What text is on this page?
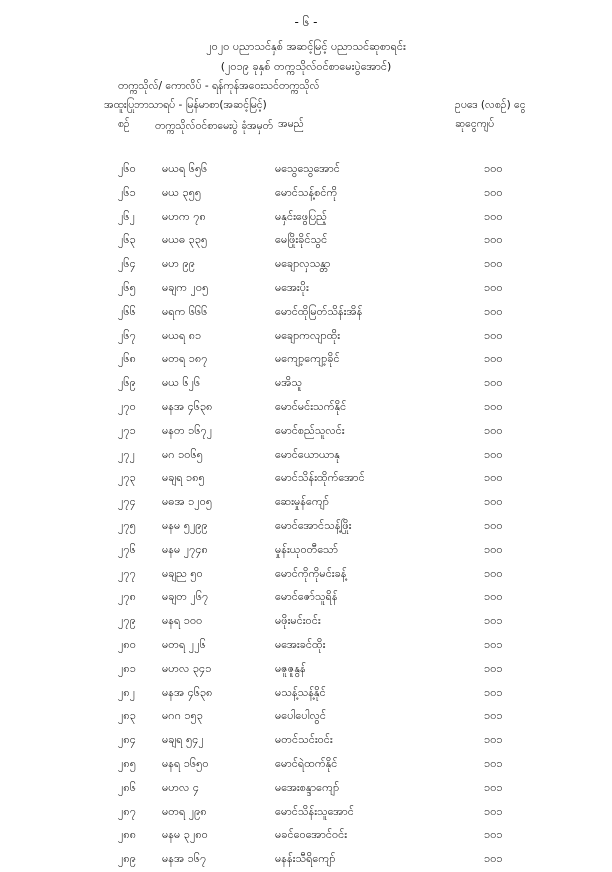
- ၆ -
၂၀၂၀ ပညာသင်နှစ် အဆင့်မြင့် ပညာသင်ဆုစာရင်း
(၂၀၁၉ ခုနှစ် တက္ကသိုလ်ဝင်စာမေးပွဲအောင်)
တက္ကသိုလ်/ ကောလိပ် - ရန်ကုန်အဝေးသင်တက္ကသိုလ်
အထူးပြုဘာသာရပ် - မြန်မာစာ(အဆင့်မြင့်)	ဥပဒေ (လစဉ်) ငွေ
စဉ် တက္ကသိုလ်ဝင်စာမေးပွဲ ခုံအမှတ် အမည်	ဆုငွေကျပ်
၂၆၀	မယရ ၆၅၆	မသွေသွေအောင်	၁၀၀
၂၆၁	မယ ၃၅၅	မောင်သန့်စင်ကို	၁၀၀
၂၆၂	မဟက ၇၈	မနှင်းဖွေပြည့်	၁၀၀
၂၆၃	မယဓ ၃၃၅	မေဖြိုးခိုင်သွင်	၁၀၀
၂၆၄	မဟ ၉၉	မချောလှသန္တာ	၁၀၀
၂၆၅	မချက ၂၀၅	မအေးပိုး	၁၀၀
၂၆၆	မရက ၆၆၆	မောင်ထိုမြတ်သိန်းအိန်	၁၀၀
၂၆၇	မယရ ၈၁	မချောကလျာထိုး	၁၀၀
၂၆၈	မတရ ၁၈၇	မကျော့ကျော့ခိုင်	၁၀၀
၂၆၉	မယ ၆၂၆	မအိသူ	၁၀၀
၂၇၀	မနအ ၄၆၃၈	မောင်မင်းသက်နိုင်	၁၀၀
၂၇၁	မနတ ၁၆၇၂	မောင်စည်သူလင်း	၁၀၀
၂၇၂	မဂ ၁၀၆၅	မောင်ယောယာနု	၁၀၀
၂၇၃	မချရ ၁၈၅	မောင်သိန်းထိုက်အောင်	၁၀၀
၂၇၄	မဓအ ၁၂၀၅	ဆေးမှုန်ကျော်	၁၀၀
၂၇၅	မနမ ၅၂၉၉	မောင်အောင်သန့်ဖြိုး	၁၀၀
၂၇၆	မနမ ၂၇၄၈	မှုန်းယုဝတီသော်	၁၀၀
၂၇၇	မချည ၅၀	မောင်ကိုကိုမင်းခန့်	၁၀၀
၂၇၈	မချတ ၂၆၇	မောင်ဇော်သူရိန်	၁၀၀
၂၇၉	မနရ ၁၀၀	မဖိုးမင်းဝင်း	၁၀၁
၂၈၀	မတရ ၂၂၆	မအေးခင်ထိုး	၁၀၁
၂၈၁	မဟလ ၃၄၁	မဇူဇူနွန်	၁၀၁
၂၈၂	မနအ ၄၆၃၈	မသန့်သန့်နိုင်	၁၀၁
၂၈၃	မဂဂ ၁၅၃	မပေါပေါလွင်	၁၀၁
၂၈၄	မချရ ၅၄၂	မတင်သင်းဝင်း	၁၀၁
၂၈၅	မနရ ၁၆၅၀	မောင်ရဲထက်နိုင်	၁၀၁
၂၈၆	မဟလ ၄	မအေးစန္ဒာကျော်	၁၀၁
၂၈၇	မတရ ၂၉၈	မောင်သိန်းသူအောင်	၁၀၁
၂၈၈	မနမ ၃၂၈၀	မခင်ဝေအောင်ဝင်း	၁၀၁
၂၈၉	မနအ ၁၆၇	မနန်းသီရိကျော်	၁၀၁
